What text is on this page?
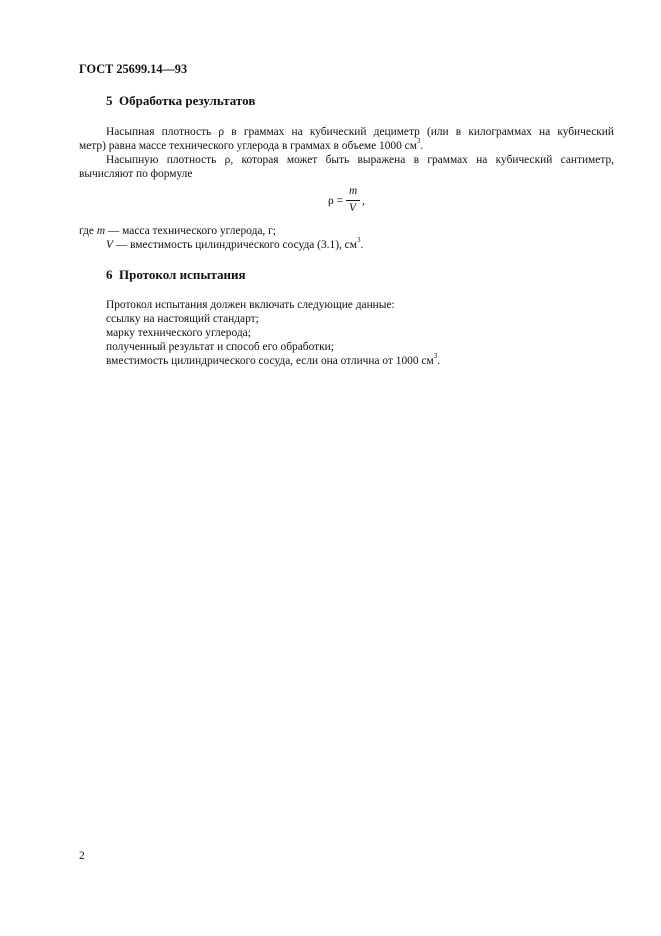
ГОСТ 25699.14—93
5 Обработка результатов
Насыпная плотность ρ в граммах на кубический дециметр (или в килограммах на кубический
метр) равна массе технического углерода в граммах в объеме 1000 $см^3$.
Насыпную плотность ρ, которая может быть выражена в граммах на кубический сантиметр,
вычисляют по формуле
ρ =
m
V
,
где m — масса технического углерода, г;
V — вместимость цилиндрического сосуда (3.1), $см^3$.
6 Протокол испытания
Протокол испытания должен включать следующие данные:
ссылку на настоящий стандарт;
марку технического углерода;
полученный результат и способ его обработки;
вместимость цилиндрического сосуда, если она отлична от 1000 $см^3$.
2
